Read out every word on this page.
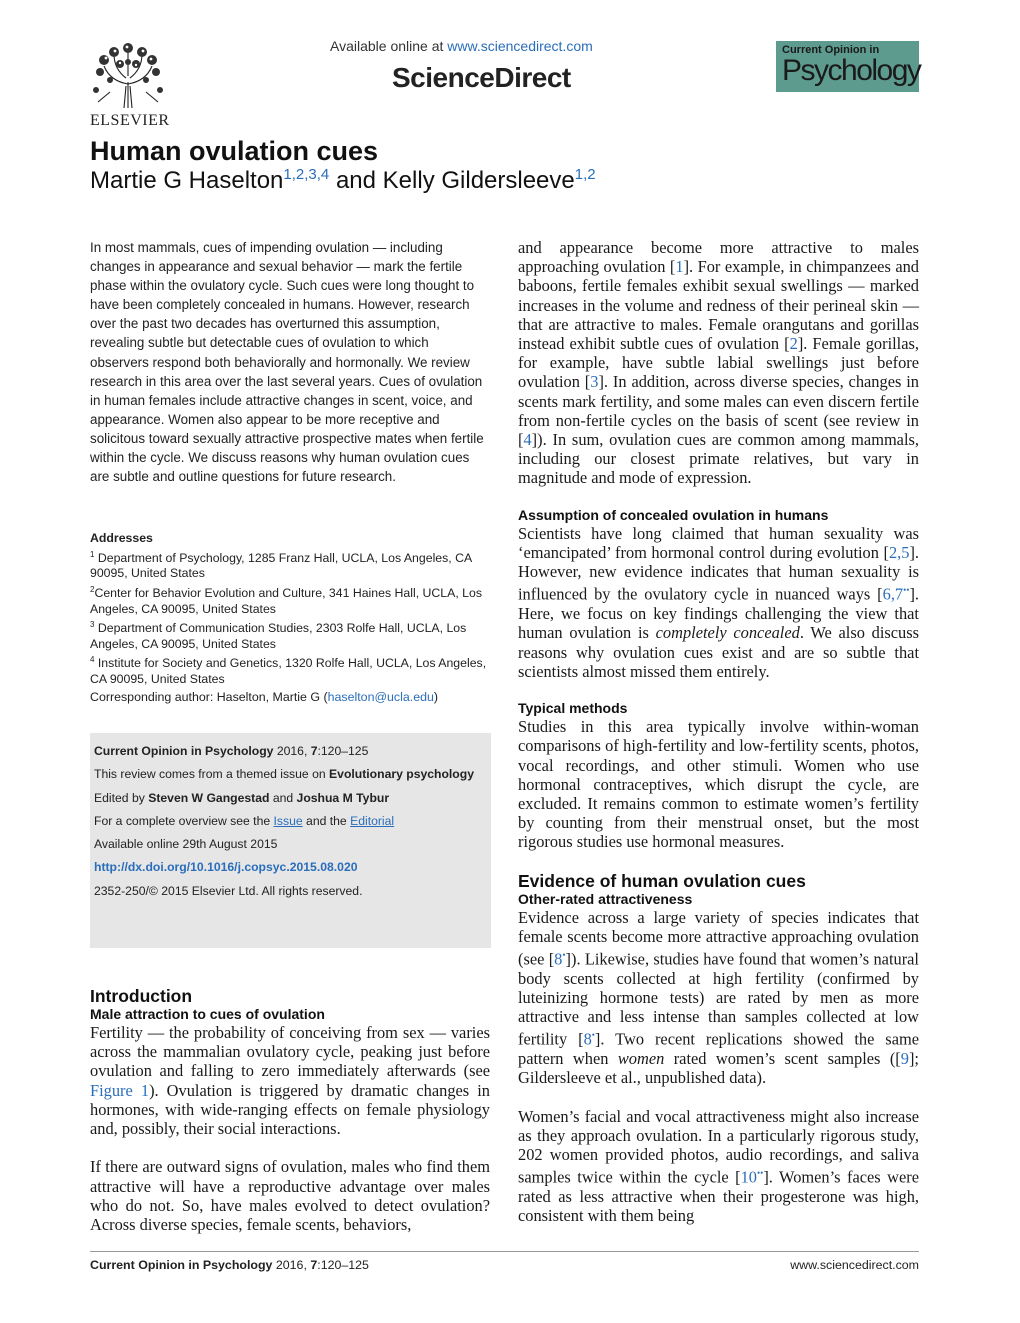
ELSEVIER
Available online at www.sciencedirect.com
ScienceDirect
Current Opinion in
Psychology
Human ovulation cues
Martie G Haselton$^{1,2,3,4}$ and Kelly Gildersleeve$^{1,2}$
In most mammals, cues of impending ovulation — including changes in appearance and sexual behavior — mark the fertile phase within the ovulatory cycle. Such cues were long thought to have been completely concealed in humans. However, research over the past two decades has overturned this assumption, revealing subtle but detectable cues of ovulation to which observers respond both behaviorally and hormonally. We review research in this area over the last several years. Cues of ovulation in human females include attractive changes in scent, voice, and appearance. Women also appear to be more receptive and solicitous toward sexually attractive prospective mates when fertile within the cycle. We discuss reasons why human ovulation cues are subtle and outline questions for future research.
Addresses
$^1$ Department of Psychology, 1285 Franz Hall, UCLA, Los Angeles, CA 90095, United States
$^2$Center for Behavior Evolution and Culture, 341 Haines Hall, UCLA, Los Angeles, CA 90095, United States
$^3$ Department of Communication Studies, 2303 Rolfe Hall, UCLA, Los Angeles, CA 90095, United States
$^4$ Institute for Society and Genetics, 1320 Rolfe Hall, UCLA, Los Angeles, CA 90095, United States
Corresponding author: Haselton, Martie G (haselton@ucla.edu)
Current Opinion in Psychology 2016, 7:120–125
This review comes from a themed issue on Evolutionary psychology
Edited by Steven W Gangestad and Joshua M Tybur
For a complete overview see the Issue and the Editorial
Available online 29th August 2015
http://dx.doi.org/10.1016/j.copsyc.2015.08.020
2352-250/© 2015 Elsevier Ltd. All rights reserved.
Introduction
Male attraction to cues of ovulation

Fertility — the probability of conceiving from sex — varies across the mammalian ovulatory cycle, peaking just before ovulation and falling to zero immediately afterwards (see Figure 1). Ovulation is triggered by dramatic changes in hormones, with wide-ranging effects on female physiology and, possibly, their social interactions.

If there are outward signs of ovulation, males who find them attractive will have a reproductive advantage over males who do not. So, have males evolved to detect ovulation? Across diverse species, female scents, behaviors,

and appearance become more attractive to males approaching ovulation [1]. For example, in chimpanzees and baboons, fertile females exhibit sexual swellings — marked increases in the volume and redness of their perineal skin — that are attractive to males. Female orangutans and gorillas instead exhibit subtle cues of ovulation [2]. Female gorillas, for example, have subtle labial swellings just before ovulation [3]. In addition, across diverse species, changes in scents mark fertility, and some males can even discern fertile from non-fertile cycles on the basis of scent (see review in [4]). In sum, ovulation cues are common among mammals, including our closest primate relatives, but vary in magnitude and mode of expression.

Assumption of concealed ovulation in humans

Scientists have long claimed that human sexuality was ‘emancipated’ from hormonal control during evolution [2,5]. However, new evidence indicates that human sexuality is influenced by the ovulatory cycle in nuanced ways [6,7••]. Here, we focus on key findings challenging the view that human ovulation is completely concealed. We also discuss reasons why ovulation cues exist and are so subtle that scientists almost missed them entirely.

Typical methods

Studies in this area typically involve within-woman comparisons of high-fertility and low-fertility scents, photos, vocal recordings, and other stimuli. Women who use hormonal contraceptives, which disrupt the cycle, are excluded. It remains common to estimate women’s fertility by counting from their menstrual onset, but the most rigorous studies use hormonal measures.

Evidence of human ovulation cues
Other-rated attractiveness

Evidence across a large variety of species indicates that female scents become more attractive approaching ovulation (see [8•]). Likewise, studies have found that women’s natural body scents collected at high fertility (confirmed by luteinizing hormone tests) are rated by men as more attractive and less intense than samples collected at low fertility [8•]. Two recent replications showed the same pattern when women rated women’s scent samples ([9]; Gildersleeve et al., unpublished data).

Women’s facial and vocal attractiveness might also increase as they approach ovulation. In a particularly rigorous study, 202 women provided photos, audio recordings, and saliva samples twice within the cycle [10••]. Women’s faces were rated as less attractive when their progesterone was high, consistent with them being

Current Opinion in Psychology 2016, 7:120–125	www.sciencedirect.com
